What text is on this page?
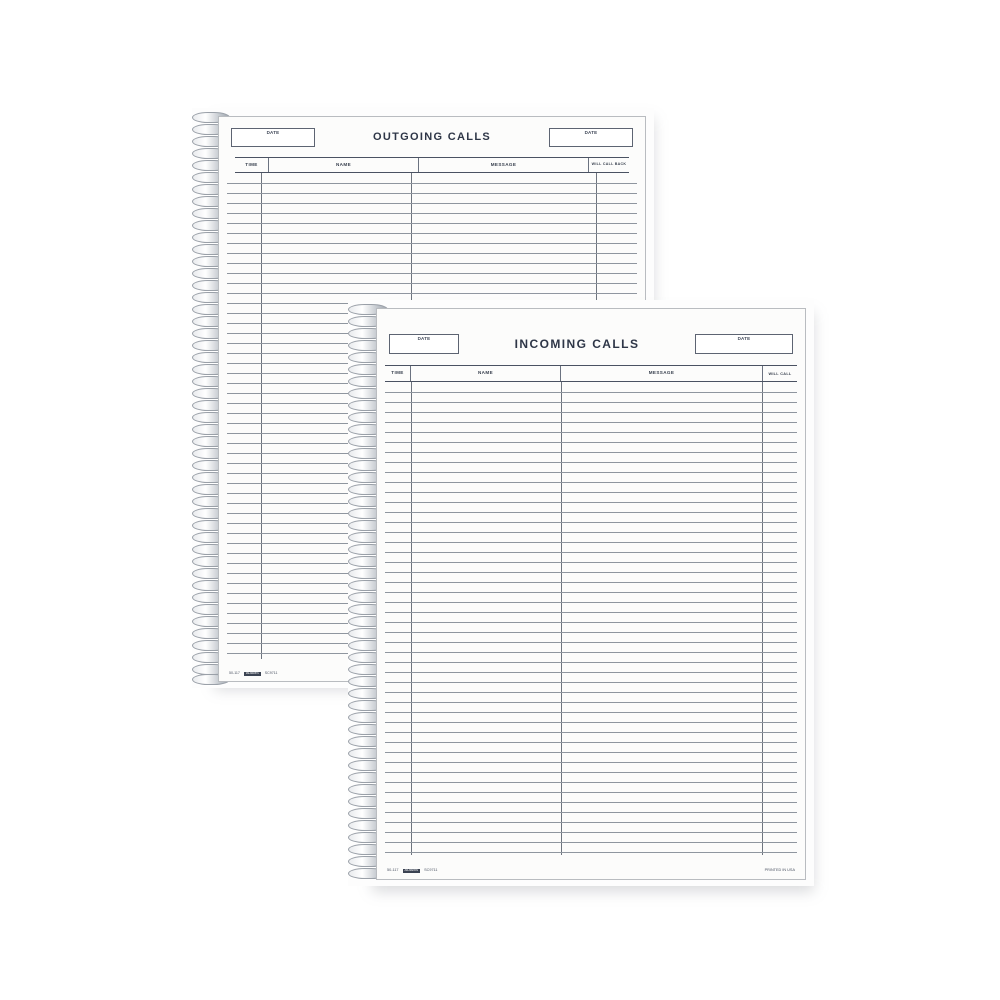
DATE	OUTGOING CALLS	DATE
TIME	NAME	MESSAGE	WILL CALL BACK
50-117	ADAMS	SC9711
DATE	INCOMING CALLS	DATE
TIME	NAME	MESSAGE	WILL CALL
50-117	ADAMS	SC9711	PRINTED IN USA
